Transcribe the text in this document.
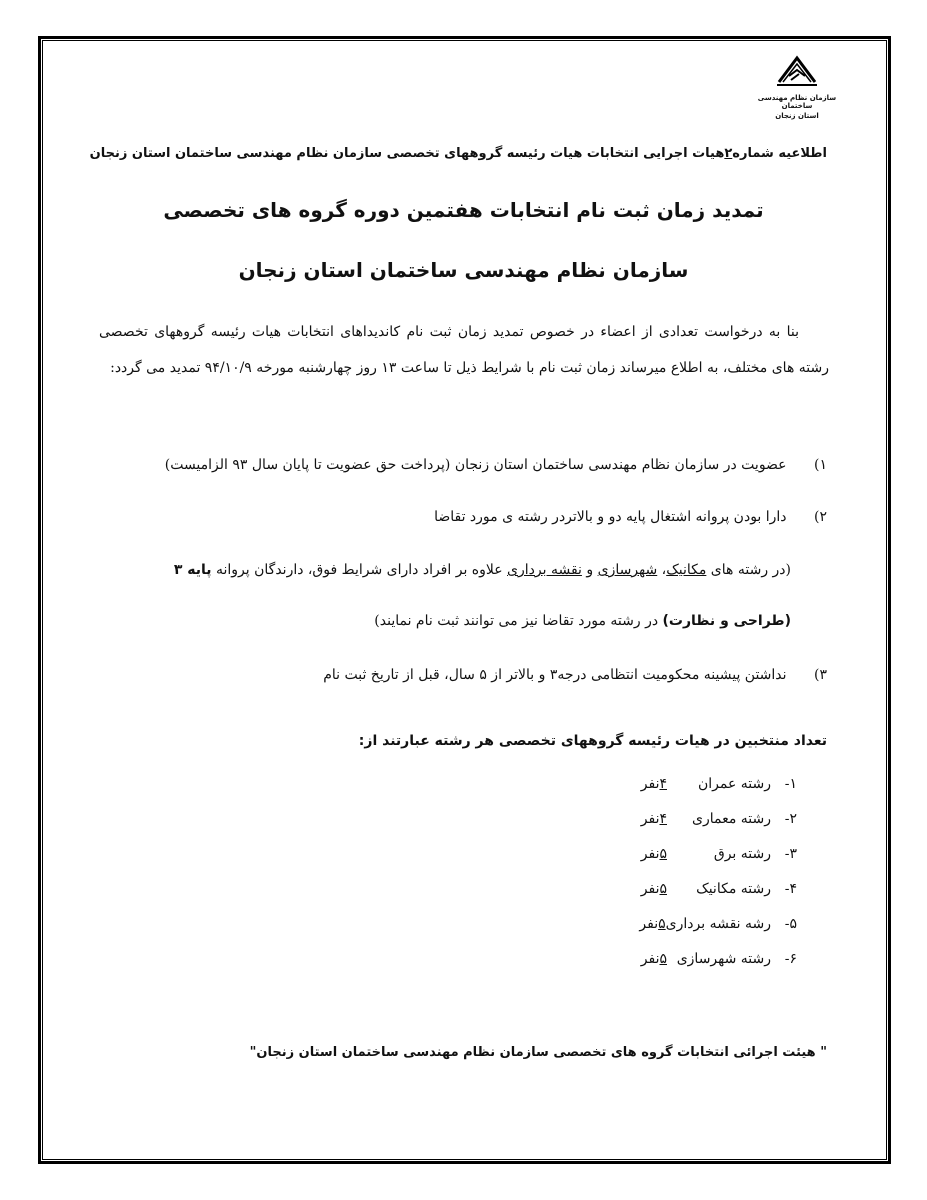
سازمان نظام مهندسی ساختمان
استان زنجان
اطلاعیه شماره۲هیات اجرایی انتخابات هیات رئیسه گروههای تخصصی سازمان نظام مهندسی ساختمان استان زنجان
تمدید زمان ثبت نام انتخابات هفتمین دوره گروه های تخصصی
سازمان نظام مهندسی ساختمان استان زنجان
بنا به درخواست تعدادی از اعضاء در خصوص تمدید زمان ثبت نام کاندیداهای انتخابات هیات رئیسه گروههای تخصصی رشته های مختلف، به اطلاع میرساند زمان ثبت نام با شرایط ذیل تا ساعت ۱۳ روز چهارشنبه مورخه ۹۴/۱۰/۹ تمدید می گردد:
۱) عضویت در سازمان نظام مهندسی ساختمان استان زنجان (پرداخت حق عضویت تا پایان سال ۹۳ الزامیست)
۲) دارا بودن پروانه اشتغال پایه دو و بالاتردر رشته ی مورد تقاضا
(در رشته های مکانیک، شهرسازی و نقشه برداری علاوه بر افراد دارای شرایط فوق، دارندگان پروانه پایه ۳
(طراحی و نظارت) در رشته مورد تقاضا نیز می توانند ثبت نام نمایند)
۳) نداشتن پیشینه محکومیت انتظامی درجه۳ و بالاتر از ۵ سال، قبل از تاریخ ثبت نام
تعداد منتخبین در هیات رئیسه گروههای تخصصی هر رشته عبارتند از:
۱-رشته عمران۴نفر
۲-رشته معماری۴نفر
۳-رشته برق۵نفر
۴-رشته مکانیک۵نفر
۵-رشه نقشه برداری۵نفر
۶-رشته شهرسازی۵نفر
" هیئت اجرائی انتخابات گروه های تخصصی سازمان نظام مهندسی ساختمان استان زنجان"
